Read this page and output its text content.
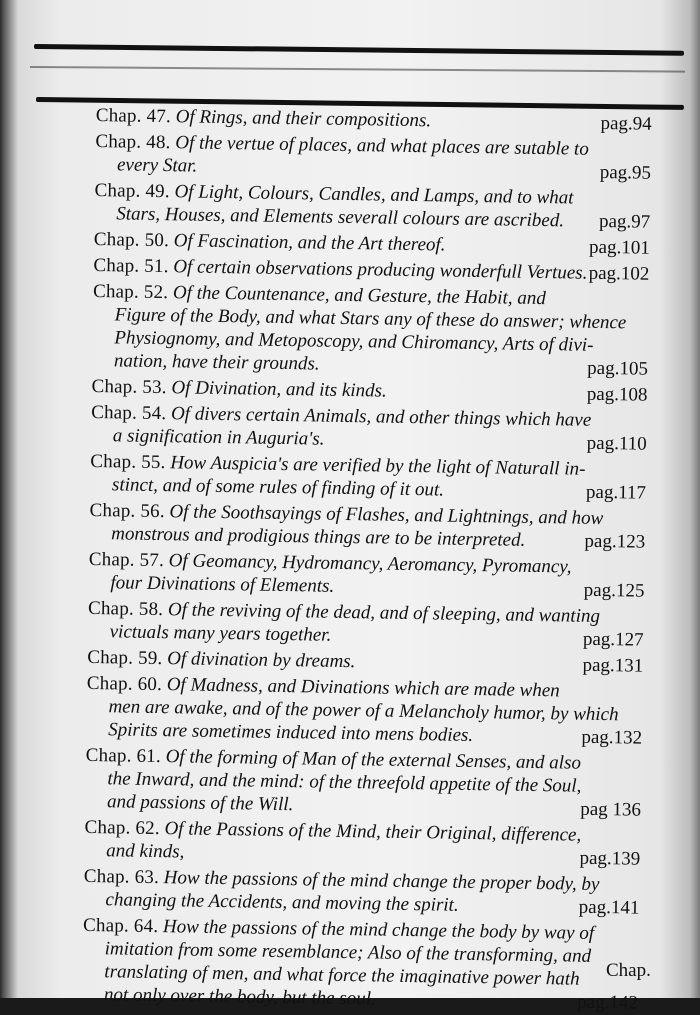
Chap. 47. Of Rings, and their compositions.	pag.94
Chap. 48. Of the vertue of places, and what places are sutable to
every Star.	pag.95
Chap. 49. Of Light, Colours, Candles, and Lamps, and to what
Stars, Houses, and Elements severall colours are ascribed. pag.97
Chap. 50. Of Fascination, and the Art thereof.	pag.101
Chap. 51. Of certain observations producing wonderfull Vertues. pag.102
Chap. 52. Of the Countenance, and Gesture, the Habit, and
Figure of the Body, and what Stars any of these do answer; whence
Physiognomy, and Metoposcopy, and Chiromancy, Arts of divi-
nation, have their grounds.	pag.105
Chap. 53. Of Divination, and its kinds.	pag.108
Chap. 54. Of divers certain Animals, and other things which have
a signification in Auguria's.	pag.110
Chap. 55. How Auspicia's are verified by the light of Naturall in-
stinct, and of some rules of finding of it out.	pag.117
Chap. 56. Of the Soothsayings of Flashes, and Lightnings, and how
monstrous and prodigious things are to be interpreted.	pag.123
Chap. 57. Of Geomancy, Hydromancy, Aeromancy, Pyromancy,
four Divinations of Elements.	pag.125
Chap. 58. Of the reviving of the dead, and of sleeping, and wanting
victuals many years together.	pag.127
Chap. 59. Of divination by dreams.	pag.131
Chap. 60. Of Madness, and Divinations which are made when
men are awake, and of the power of a Melancholy humor, by which
Spirits are sometimes induced into mens bodies.	pag.132
Chap. 61. Of the forming of Man of the external Senses, and also
the Inward, and the mind: of the threefold appetite of the Soul,
and passions of the Will.	pag 136
Chap. 62. Of the Passions of the Mind, their Original, difference,
and kinds,	pag.139
Chap. 63. How the passions of the mind change the proper body, by
changing the Accidents, and moving the spirit.	pag.141
Chap. 64. How the passions of the mind change the body by way of
imitation from some resemblance; Also of the transforming, and
translating of men, and what force the imaginative power hath
not only over the body, but the soul.	pag.142
Chap.
